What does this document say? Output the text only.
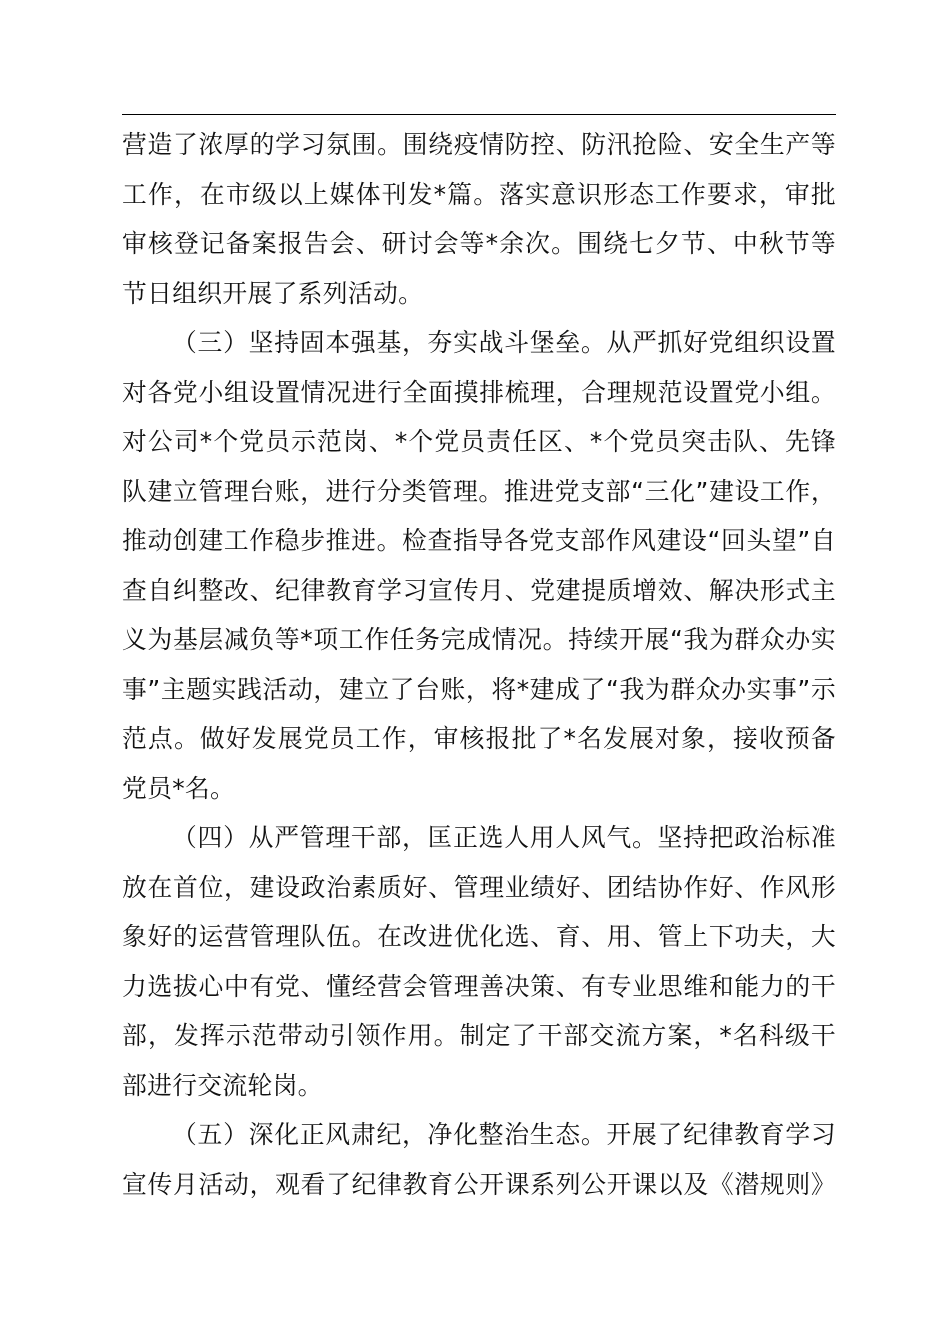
营造了浓厚的学习氛围。围绕疫情防控、防汛抢险、安全生产等
工作，在市级以上媒体刊发*篇。落实意识形态工作要求，审批
审核登记备案报告会、研讨会等*余次。围绕七夕节、中秋节等
节日组织开展了系列活动。
（三）坚持固本强基，夯实战斗堡垒。从严抓好党组织设置
对各党小组设置情况进行全面摸排梳理，合理规范设置党小组。
对公司*个党员示范岗、*个党员责任区、*个党员突击队、先锋
队建立管理台账，进行分类管理。推进党支部“三化”建设工作，
推动创建工作稳步推进。检查指导各党支部作风建设“回头望”自
查自纠整改、纪律教育学习宣传月、党建提质增效、解决形式主
义为基层减负等*项工作任务完成情况。持续开展“我为群众办实
事”主题实践活动，建立了台账，将*建成了“我为群众办实事”示
范点。做好发展党员工作，审核报批了*名发展对象，接收预备
党员*名。
（四）从严管理干部，匡正选人用人风气。坚持把政治标准
放在首位，建设政治素质好、管理业绩好、团结协作好、作风形
象好的运营管理队伍。在改进优化选、育、用、管上下功夫，大
力选拔心中有党、懂经营会管理善决策、有专业思维和能力的干
部，发挥示范带动引领作用。制定了干部交流方案，*名科级干
部进行交流轮岗。
（五）深化正风肃纪，净化整治生态。开展了纪律教育学习
宣传月活动，观看了纪律教育公开课系列公开课以及《潜规则》
